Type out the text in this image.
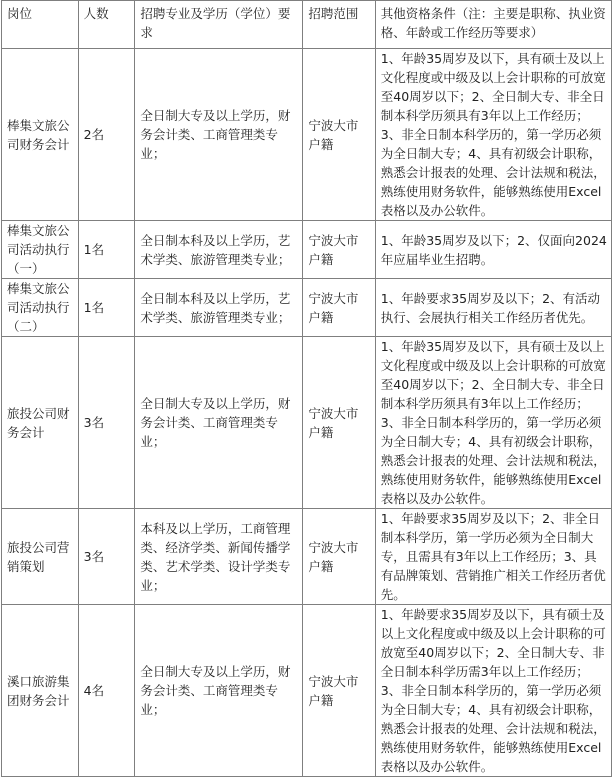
岗位	人数	招聘专业及学历（学位）要求	招聘范围	其他资格条件（注：主要是职称、执业资格、年龄或工作经历等要求）
棒集文旅公司财务会计	2名	全日制大专及以上学历，财务会计类、工商管理类专业；	宁波大市户籍	1、年龄35周岁及以下，具有硕士及以上文化程度或中级及以上会计职称的可放宽至40周岁以下；2、全日制大专、非全日制本科学历须具有3年以上工作经历；3、非全日制本科学历的，第一学历必须为全日制大专；4、具有初级会计职称，熟悉会计报表的处理、会计法规和税法，熟练使用财务软件，能够熟练使用Excel表格以及办公软件。
棒集文旅公司活动执行（一）	1名	全日制本科及以上学历，艺术学类、旅游管理类专业；	宁波大市户籍	1、年龄35周岁及以下；2、仅面向2024年应届毕业生招聘。
棒集文旅公司活动执行（二）	1名	全日制本科及以上学历，艺术学类、旅游管理类专业；	宁波大市户籍	1、年龄要求35周岁及以下；2、有活动执行、会展执行相关工作经历者优先。
旅投公司财务会计	3名	全日制大专及以上学历，财务会计类、工商管理类专业；	宁波大市户籍	1、年龄35周岁及以下，具有硕士及以上文化程度或中级及以上会计职称的可放宽至40周岁以下；2、全日制大专、非全日制本科学历须具有3年以上工作经历；3、非全日制本科学历的，第一学历必须为全日制大专；4、具有初级会计职称，熟悉会计报表的处理、会计法规和税法，熟练使用财务软件，能够熟练使用Excel表格以及办公软件。
旅投公司营销策划	3名	本科及以上学历，工商管理类、经济学类、新闻传播学类、艺术学类、设计学类专业；	宁波大市户籍	1、年龄要求35周岁及以下；2、非全日制本科学历，第一学历必须为全日制大专，且需具有3年以上工作经历；3、具有品牌策划、营销推广相关工作经历者优先。
溪口旅游集团财务会计	4名	全日制大专及以上学历，财务会计类、工商管理类专业；	宁波大市户籍	1、年龄要求35周岁及以下，具有硕士及以上文化程度或中级及以上会计职称的可放宽至40周岁以下；2、全日制大专、非全日制本科学历需3年以上工作经历；3、非全日制本科学历的，第一学历必须为全日制大专；4、具有初级会计职称，熟悉会计报表的处理、会计法规和税法，熟练使用财务软件，能够熟练使用Excel表格以及办公软件。
